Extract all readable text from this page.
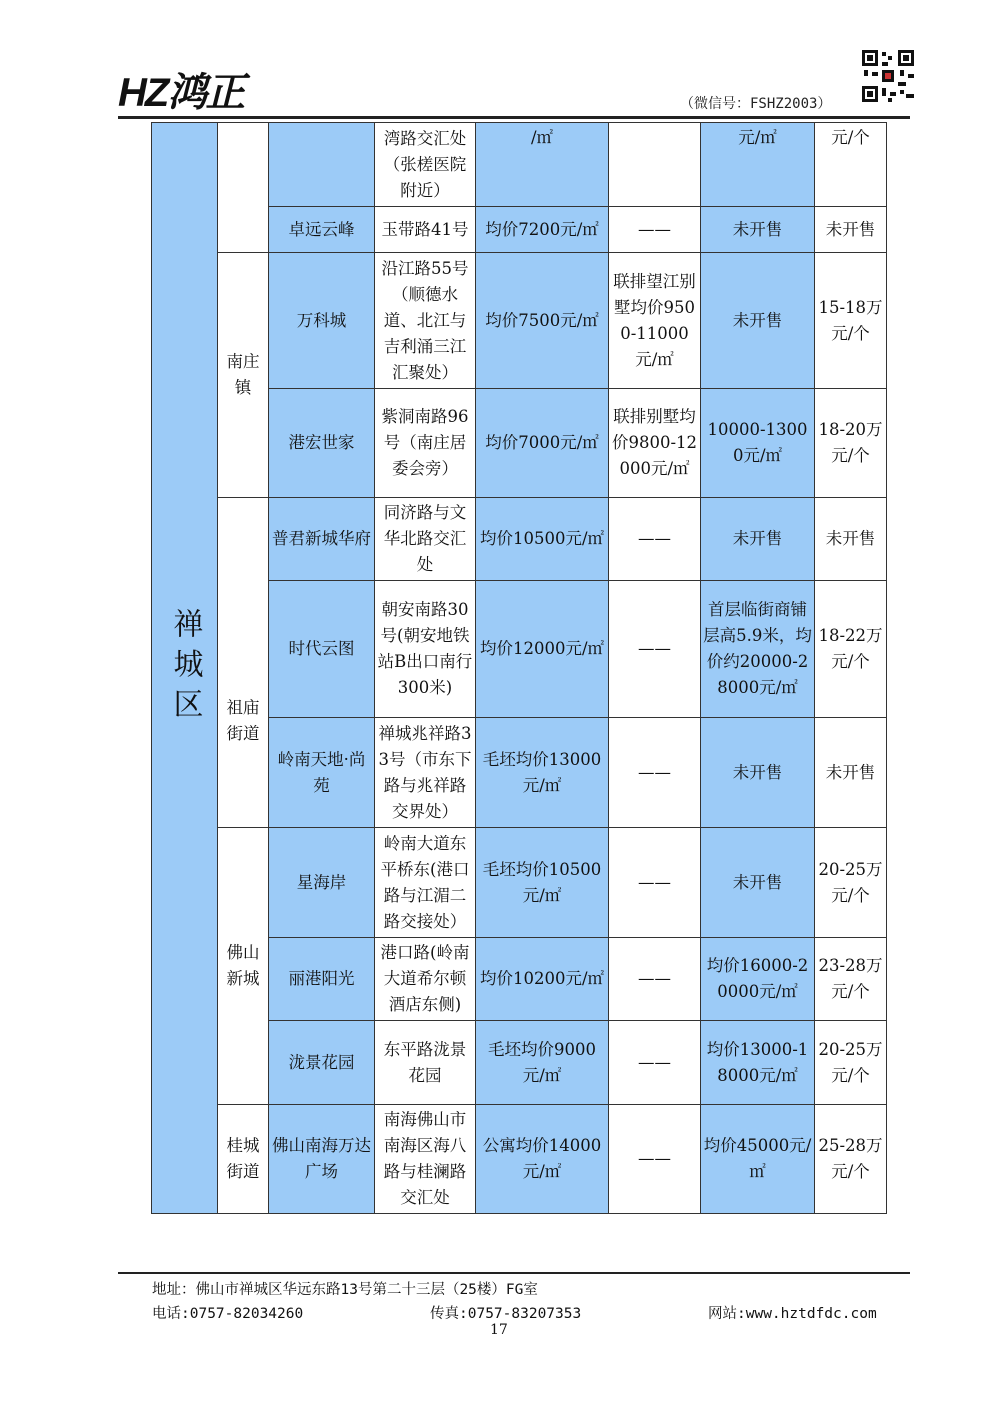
HZ鸿正	（微信号：FSHZ2003）
禅城区			湾路交汇处（张槎医院附近）	/㎡		元/㎡	元/个
		卓远云峰	玉带路41号	均价7200元/㎡	——	未开售	未开售
	南庄镇	万科城	沿江路55号（顺德水道、北江与吉利涌三江汇聚处）	均价7500元/㎡	联排望江别墅均价9500-11000元/㎡	未开售	15-18万元/个
		港宏世家	紫洞南路96号（南庄居委会旁）	均价7000元/㎡	联排别墅均价9800-12000元/㎡	10000-13000元/㎡	18-20万元/个
	祖庙街道	普君新城华府	同济路与文华北路交汇处	均价10500元/㎡	——	未开售	未开售
		时代云图	朝安南路30号(朝安地铁站B出口南行300米)	均价12000元/㎡	——	首层临街商铺层高5.9米，均价约20000-28000元/㎡	18-22万元/个
		岭南天地·尚苑	禅城兆祥路33号（市东下路与兆祥路交界处）	毛坯均价13000元/㎡	——	未开售	未开售
	佛山新城	星海岸	岭南大道东平桥东(港口路与江湄二路交接处）	毛坯均价10500元/㎡	——	未开售	20-25万元/个
		丽港阳光	港口路(岭南大道希尔顿酒店东侧)	均价10200元/㎡	——	均价16000-20000元/㎡	23-28万元/个
		泷景花园	东平路泷景花园	毛坯均价9000元/㎡	——	均价13000-18000元/㎡	20-25万元/个
	桂城街道	佛山南海万达广场	南海佛山市南海区海八路与桂澜路交汇处	公寓均价14000元/㎡	——	均价45000元/㎡	25-28万元/个
地址：佛山市禅城区华远东路13号第二十三层（25楼）FG室
电话:0757-82034260	传真:0757-83207353	网站:www.hztdfdc.com
17
